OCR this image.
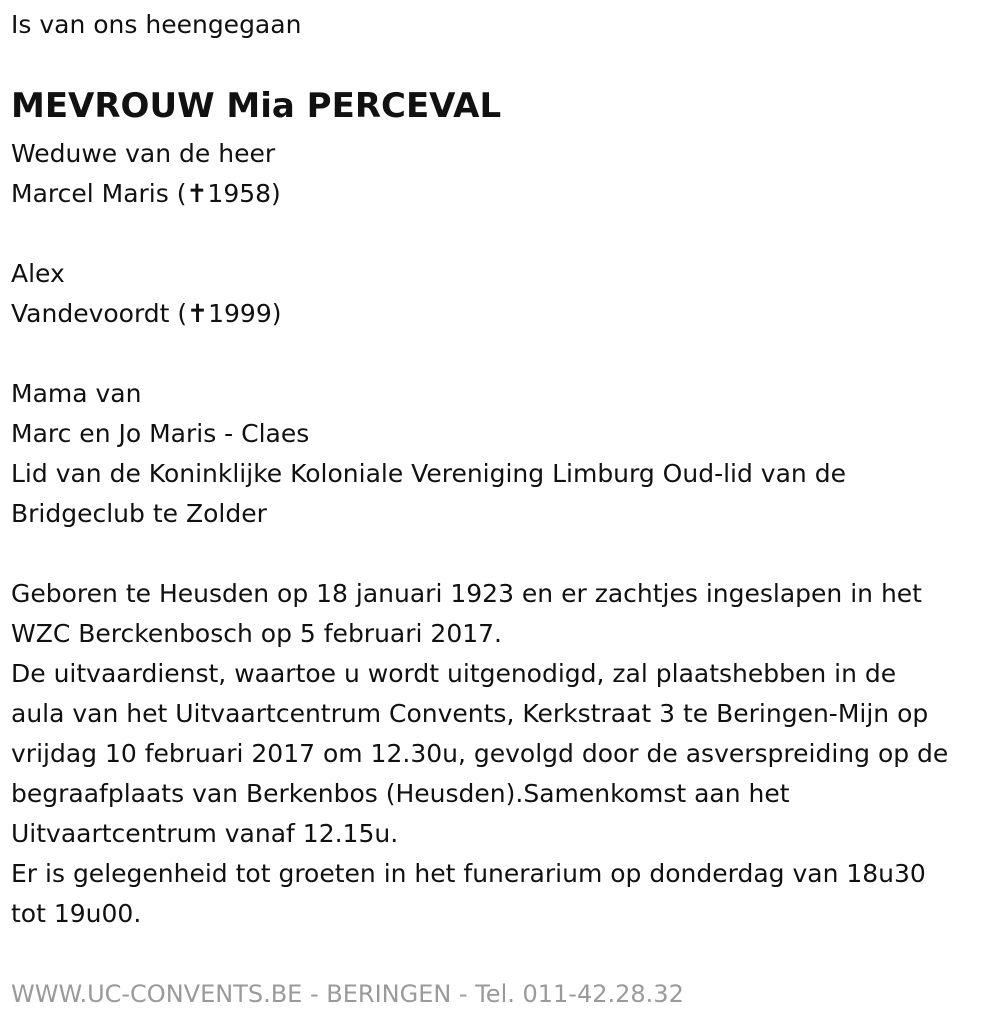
Is van ons heengegaan
MEVROUW Mia PERCEVAL
Weduwe van de heer
Marcel Maris (✝1958)
Alex
Vandevoordt (✝1999)
Mama van
Marc en Jo Maris - Claes
Lid van de Koninklijke Koloniale Vereniging Limburg Oud-lid van de
Bridgeclub te Zolder
Geboren te Heusden op 18 januari 1923 en er zachtjes ingeslapen in het
WZC Berckenbosch op 5 februari 2017.
De uitvaardienst, waartoe u wordt uitgenodigd, zal plaatshebben in de
aula van het Uitvaartcentrum Convents, Kerkstraat 3 te Beringen-Mijn op
vrijdag 10 februari 2017 om 12.30u, gevolgd door de asverspreiding op de
begraafplaats van Berkenbos (Heusden).Samenkomst aan het
Uitvaartcentrum vanaf 12.15u.
Er is gelegenheid tot groeten in het funerarium op donderdag van 18u30
tot 19u00.
WWW.UC-CONVENTS.BE - BERINGEN - Tel. 011-42.28.32
